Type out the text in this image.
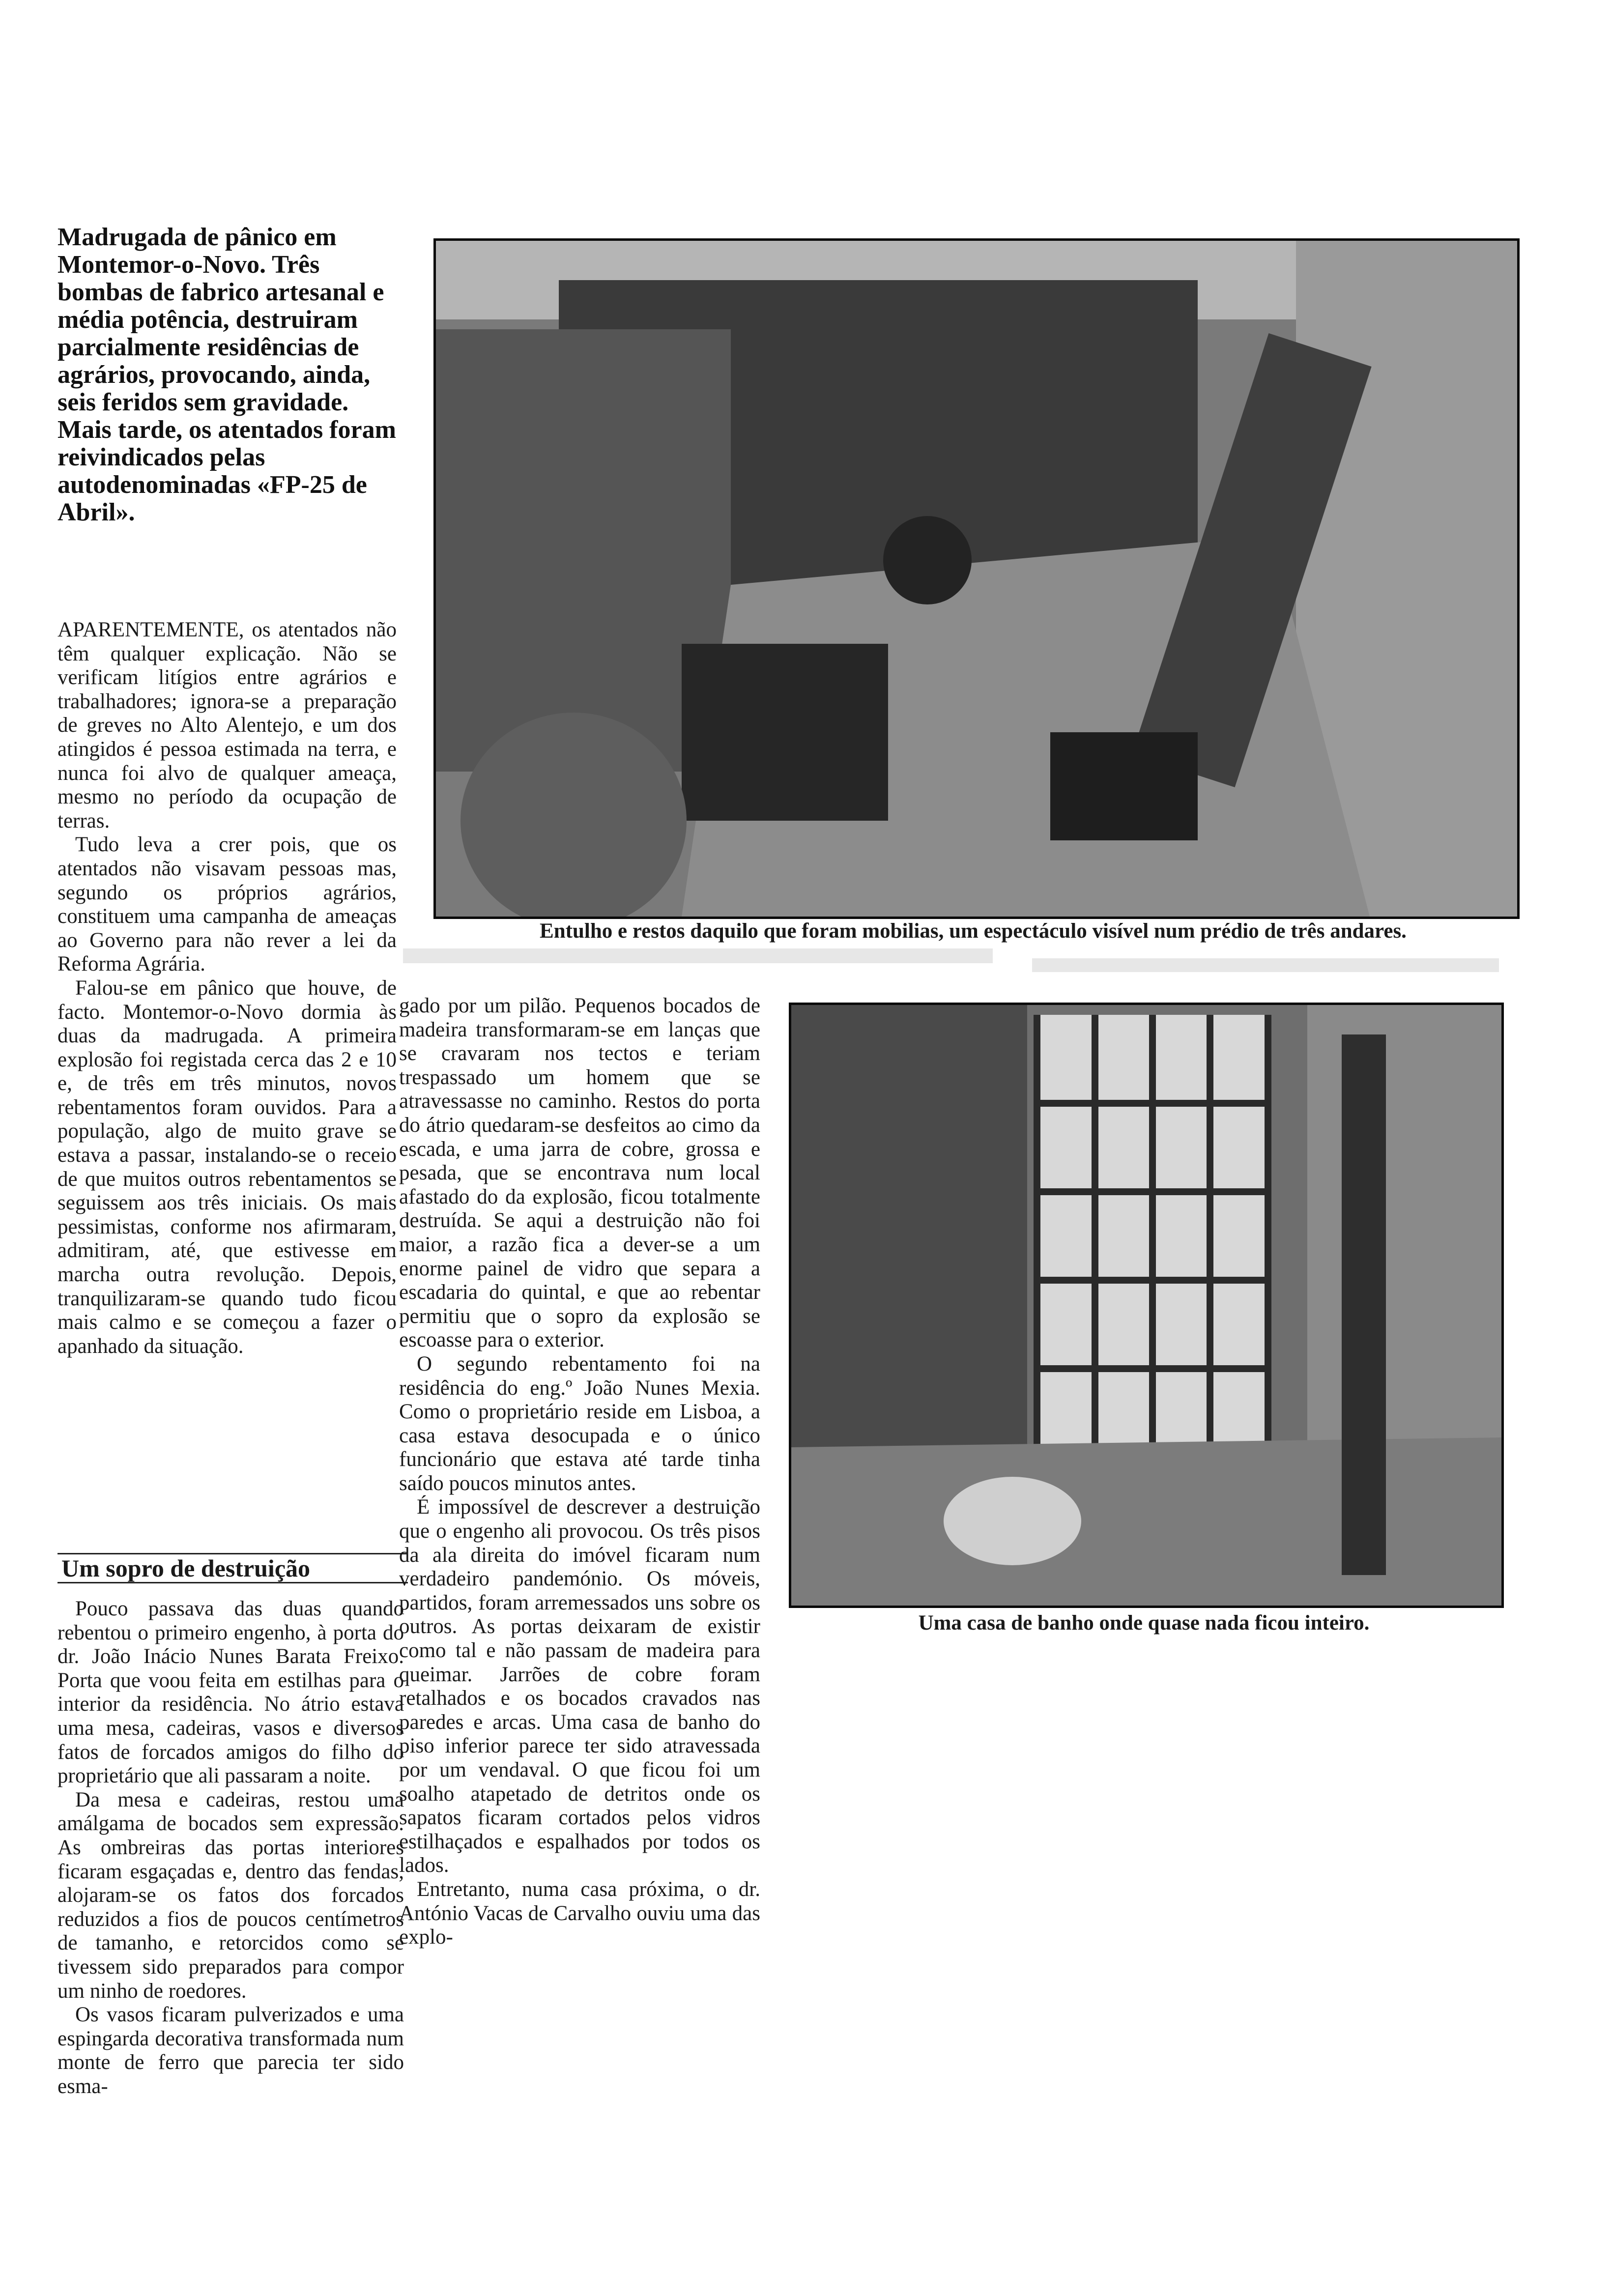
Madrugada de pânico em Montemor-o-Novo. Três bombas de fabrico artesanal e média potência, destruiram parcialmente residências de agrários, provocando, ainda, seis feridos sem gravidade. Mais tarde, os atentados foram reivindicados pelas autodenominadas «FP-25 de Abril».

APARENTEMENTE, os atentados não têm qualquer explicação. Não se verificam litígios entre agrários e trabalhadores; ignora-se a preparação de greves no Alto Alentejo, e um dos atingidos é pessoa estimada na terra, e nunca foi alvo de qualquer ameaça, mesmo no período da ocupação de terras.

Tudo leva a crer pois, que os atentados não visavam pessoas mas, segundo os próprios agrários, constituem uma campanha de ameaças ao Governo para não rever a lei da Reforma Agrária.

Falou-se em pânico que houve, de facto. Montemor-o-Novo dormia às duas da madrugada. A primeira explosão foi registada cerca das 2 e 10 e, de três em três minutos, novos rebentamentos foram ouvidos. Para a população, algo de muito grave se estava a passar, instalando-se o receio de que muitos outros rebentamentos se seguissem aos três iniciais. Os mais pessimistas, conforme nos afirmaram, admitiram, até, que estivesse em marcha outra revolução. Depois, tranquilizaram-se quando tudo ficou mais calmo e se começou a fazer o apanhado da situação.

Um sopro de destruição

Pouco passava das duas quando rebentou o primeiro engenho, à porta do dr. João Inácio Nunes Barata Freixo. Porta que voou feita em estilhas para o interior da residência. No átrio estava uma mesa, cadeiras, vasos e diversos fatos de forcados amigos do filho do proprietário que ali passaram a noite.

Da mesa e cadeiras, restou uma amálgama de bocados sem expressão. As ombreiras das portas interiores ficaram esgaçadas e, dentro das fendas, alojaram-se os fatos dos forcados reduzidos a fios de poucos centímetros de tamanho, e retorcidos como se tivessem sido preparados para compor um ninho de roedores.

Os vasos ficaram pulverizados e uma espingarda decorativa transformada num monte de ferro que parecia ter sido esma-

gado por um pilão. Pequenos bocados de madeira transformaram-se em lanças que se cravaram nos tectos e teriam trespassado um homem que se atravessasse no caminho. Restos do porta do átrio quedaram-se desfeitos ao cimo da escada, e uma jarra de cobre, grossa e pesada, que se encontrava num local afastado do da explosão, ficou totalmente destruída. Se aqui a destruição não foi maior, a razão fica a dever-se a um enorme painel de vidro que separa a escadaria do quintal, e que ao rebentar permitiu que o sopro da explosão se escoasse para o exterior.

O segundo rebentamento foi na residência do eng.º João Nunes Mexia. Como o proprietário reside em Lisboa, a casa estava desocupada e o único funcionário que estava até tarde tinha saído poucos minutos antes.

É impossível de descrever a destruição que o engenho ali provocou. Os três pisos da ala direita do imóvel ficaram num verdadeiro pandemónio. Os móveis, partidos, foram arremessados uns sobre os outros. As portas deixaram de existir como tal e não passam de madeira para queimar. Jarrões de cobre foram retalhados e os bocados cravados nas paredes e arcas. Uma casa de banho do piso inferior parece ter sido atravessada por um vendaval. O que ficou foi um soalho atapetado de detritos onde os sapatos ficaram cortados pelos vidros estilhaçados e espalhados por todos os lados.

Entretanto, numa casa próxima, o dr. António Vacas de Carvalho ouviu uma das explo-

Entulho e restos daquilo que foram mobilias, um espectáculo visível num prédio de três andares.
Uma casa de banho onde quase nada ficou inteiro.
